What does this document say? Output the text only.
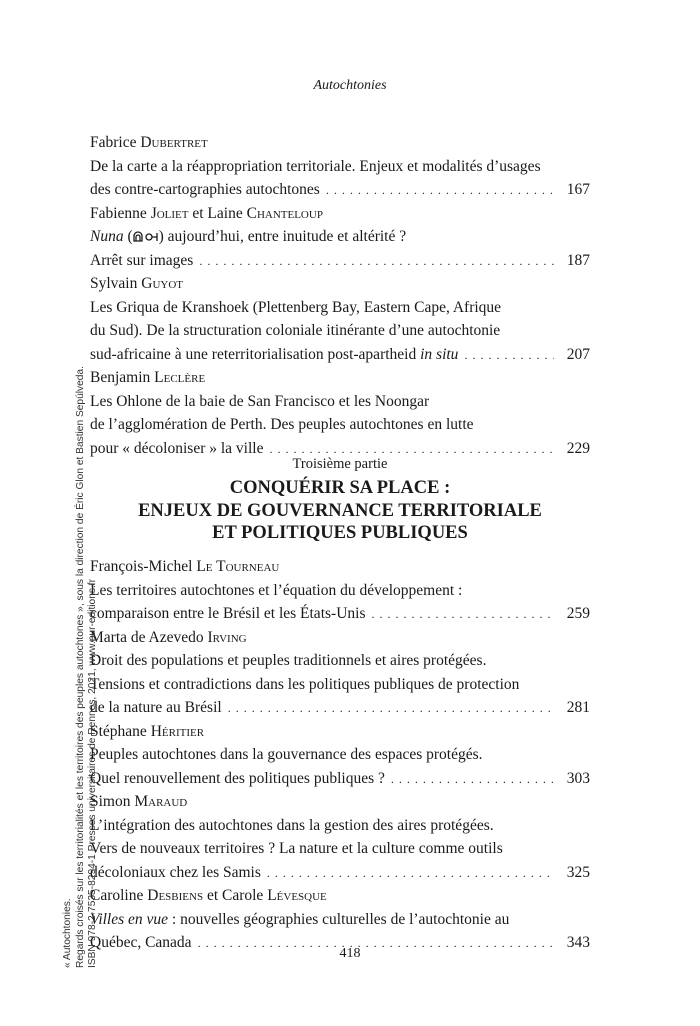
Autochtonies
Fabrice Dubertret
De la carte a la réappropriation territoriale. Enjeux et modalités d’usages
des contre-cartographies autochtones . . .	167
Fabienne Joliet et Laine Chanteloup
Nuna ( ) aujourd’hui, entre inuitude et altérité ?
Arrêt sur images . . .	187
Sylvain Guyot
Les Griqua de Kranshoek (Plettenberg Bay, Eastern Cape, Afrique
du Sud). De la structuration coloniale itinérante d’une autochtonie
sud-africaine à une reterritorialisation post-apartheid in situ . . .	207
Benjamin Leclère
Les Ohlone de la baie de San Francisco et les Noongar
de l’agglomération de Perth. Des peuples autochtones en lutte
pour « décoloniser » la ville . . .	229
Troisième partie
CONQUÉRIR SA PLACE :
ENJEUX DE GOUVERNANCE TERRITORIALE
ET POLITIQUES PUBLIQUES
François-Michel Le Tourneau
Les territoires autochtones et l’équation du développement :
comparaison entre le Brésil et les États-Unis . . .	259
Marta de Azevedo Irving
Droit des populations et peuples traditionnels et aires protégées.
Tensions et contradictions dans les politiques publiques de protection
de la nature au Brésil . . .	281
Stéphane Héritier
Peuples autochtones dans la gouvernance des espaces protégés.
Quel renouvellement des politiques publiques ? . . .	303
Simon Maraud
L’intégration des autochtones dans la gestion des aires protégées.
Vers de nouveaux territoires ? La nature et la culture comme outils
décoloniaux chez les Samis . . .	325
Caroline Desbiens et Carole Lévesque
Villes en vue : nouvelles géographies culturelles de l’autochtonie au
Québec, Canada . . .	343
418
« Autochtonies. Regards croisés sur les territorialités et les territoires des peuples autochtones », sous la direction de Éric Glon et Bastien Sepúlveda. ISBN 978-2-7535-8294-1 Presses universitaires de Rennes, 2021, www.pur-editions.fr
